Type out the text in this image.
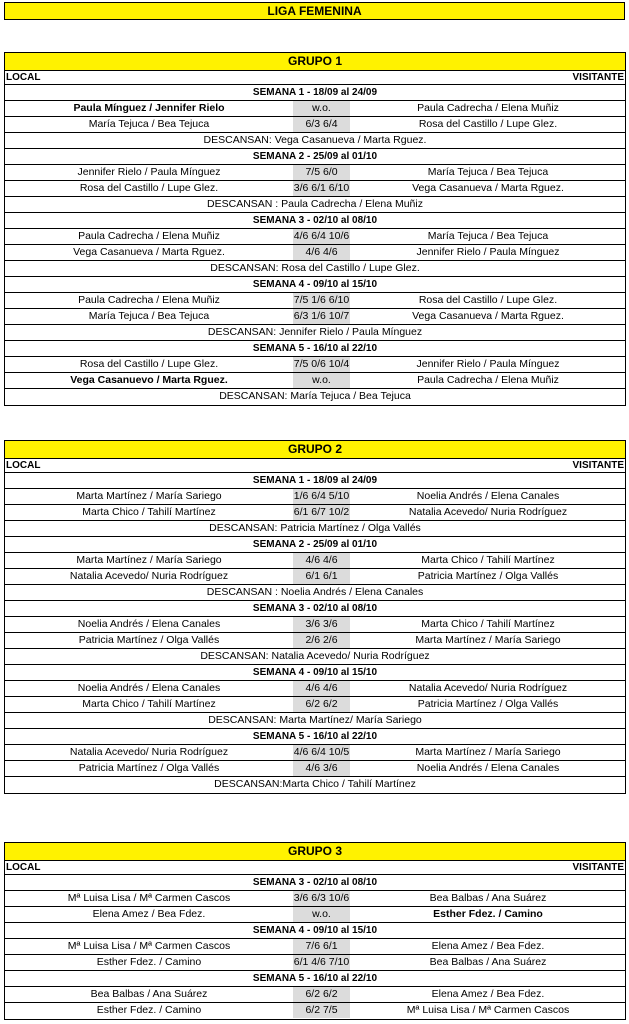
LIGA FEMENINA
GRUPO 1
LOCAL	VISITANTE
SEMANA 1 - 18/09 al 24/09
Paula Mínguez / Jennifer Rielo	w.o.	Paula Cadrecha / Elena Muñiz
María Tejuca / Bea Tejuca	6/3 6/4	Rosa del Castillo / Lupe Glez.
DESCANSAN: Vega Casanueva / Marta Rguez.
SEMANA 2 - 25/09 al 01/10
Jennifer Rielo / Paula Mínguez	7/5 6/0	María Tejuca / Bea Tejuca
Rosa del Castillo / Lupe Glez.	3/6 6/1 6/10	Vega Casanueva / Marta Rguez.
DESCANSAN : Paula Cadrecha / Elena Muñiz
SEMANA 3 - 02/10 al 08/10
Paula Cadrecha / Elena Muñiz	4/6 6/4 10/6	María Tejuca / Bea Tejuca
Vega Casanueva / Marta Rguez.	4/6 4/6	Jennifer Rielo / Paula Mínguez
DESCANSAN: Rosa del Castillo / Lupe Glez.
SEMANA 4 - 09/10 al 15/10
Paula Cadrecha / Elena Muñiz	7/5 1/6 6/10	Rosa del Castillo / Lupe Glez.
María Tejuca / Bea Tejuca	6/3 1/6 10/7	Vega Casanueva / Marta Rguez.
DESCANSAN: Jennifer Rielo / Paula Mínguez
SEMANA 5 - 16/10 al 22/10
Rosa del Castillo / Lupe Glez.	7/5 0/6 10/4	Jennifer Rielo / Paula Mínguez
Vega Casanuevo / Marta Rguez.	w.o.	Paula Cadrecha / Elena Muñiz
DESCANSAN: María Tejuca / Bea Tejuca
GRUPO 2
LOCAL	VISITANTE
SEMANA 1 - 18/09 al 24/09
Marta Martínez / María Sariego	1/6 6/4 5/10	Noelia Andrés / Elena Canales
Marta Chico / Tahilí Martínez	6/1 6/7 10/2	Natalia Acevedo/ Nuria Rodríguez
DESCANSAN: Patricia Martínez / Olga Vallés
SEMANA 2 - 25/09 al 01/10
Marta Martínez / María Sariego	4/6 4/6	Marta Chico / Tahilí Martínez
Natalia Acevedo/ Nuria Rodríguez	6/1 6/1	Patricia Martínez / Olga Vallés
DESCANSAN : Noelia Andrés / Elena Canales
SEMANA 3 - 02/10 al 08/10
Noelia Andrés / Elena Canales	3/6 3/6	Marta Chico / Tahilí Martínez
Patricia Martínez / Olga Vallés	2/6 2/6	Marta Martínez / María Sariego
DESCANSAN: Natalia Acevedo/ Nuria Rodríguez
SEMANA 4 - 09/10 al 15/10
Noelia Andrés / Elena Canales	4/6 4/6	Natalia Acevedo/ Nuria Rodríguez
Marta Chico / Tahilí Martínez	6/2 6/2	Patricia Martínez / Olga Vallés
DESCANSAN: Marta Martínez/ María Sariego
SEMANA 5 - 16/10 al 22/10
Natalia Acevedo/ Nuria Rodríguez	4/6 6/4 10/5	Marta Martínez / María Sariego
Patricia Martínez / Olga Vallés	4/6 3/6	Noelia Andrés / Elena Canales
DESCANSAN:Marta Chico / Tahilí Martínez
GRUPO 3
LOCAL	VISITANTE
SEMANA 3 - 02/10 al 08/10
Mª Luisa Lisa / Mª Carmen Cascos	3/6 6/3 10/6	Bea Balbas / Ana Suárez
Elena Amez / Bea Fdez.	w.o.	Esther Fdez. / Camino
SEMANA 4 - 09/10 al 15/10
Mª Luisa Lisa / Mª Carmen Cascos	7/6 6/1	Elena Amez / Bea Fdez.
Esther Fdez. / Camino	6/1 4/6 7/10	Bea Balbas / Ana Suárez
SEMANA 5 - 16/10 al 22/10
Bea Balbas / Ana Suárez	6/2 6/2	Elena Amez / Bea Fdez.
Esther Fdez. / Camino	6/2 7/5	Mª Luisa Lisa / Mª Carmen Cascos
